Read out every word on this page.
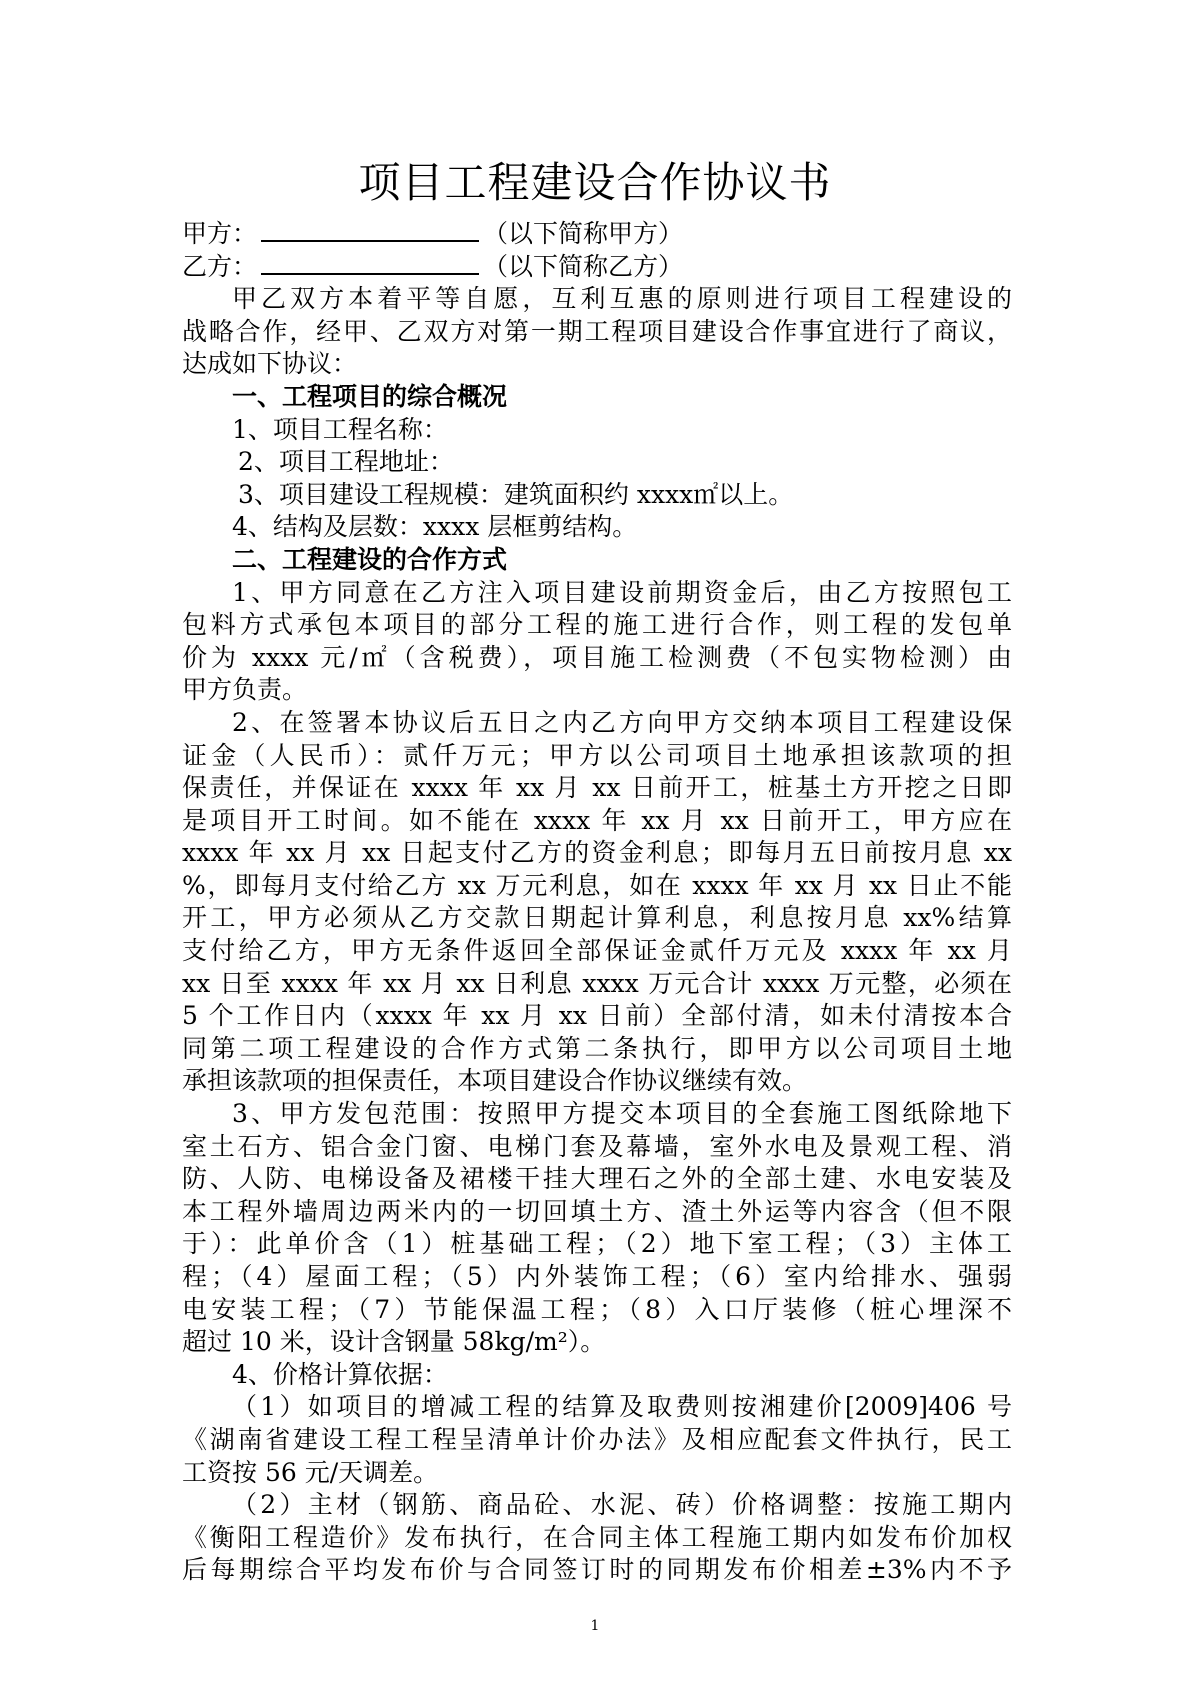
项目工程建设合作协议书
甲方：	（以下简称甲方）
乙方：	（以下简称乙方）
甲乙双方本着平等自愿，互利互惠的原则进行项目工程建设的
战略合作，经甲、乙双方对第一期工程项目建设合作事宜进行了商议，
达成如下协议：
一、工程项目的综合概况
1、项目工程名称：
2、项目工程地址：
3、项目建设工程规模：建筑面积约 xxxx㎡以上。
4、结构及层数：xxxx 层框剪结构。
二、工程建设的合作方式
1、甲方同意在乙方注入项目建设前期资金后，由乙方按照包工
包料方式承包本项目的部分工程的施工进行合作，则工程的发包单
价为 xxxx 元/㎡（含税费），项目施工检测费（不包实物检测）由
甲方负责。
2、在签署本协议后五日之内乙方向甲方交纳本项目工程建设保
证金（人民币）：贰仟万元；甲方以公司项目土地承担该款项的担
保责任，并保证在 xxxx 年 xx 月 xx 日前开工，桩基土方开挖之日即
是项目开工时间。如不能在 xxxx 年 xx 月 xx 日前开工，甲方应在
xxxx 年 xx 月 xx 日起支付乙方的资金利息；即每月五日前按月息 xx
%，即每月支付给乙方 xx 万元利息，如在 xxxx 年 xx 月 xx 日止不能
开工，甲方必须从乙方交款日期起计算利息，利息按月息 xx%结算
支付给乙方，甲方无条件返回全部保证金贰仟万元及 xxxx 年 xx 月
xx 日至 xxxx 年 xx 月 xx 日利息 xxxx 万元合计 xxxx 万元整，必须在
5 个工作日内（xxxx 年 xx 月 xx 日前）全部付清，如未付清按本合
同第二项工程建设的合作方式第二条执行，即甲方以公司项目土地
承担该款项的担保责任，本项目建设合作协议继续有效。
3、甲方发包范围：按照甲方提交本项目的全套施工图纸除地下
室土石方、铝合金门窗、电梯门套及幕墙，室外水电及景观工程、消
防、人防、电梯设备及裙楼干挂大理石之外的全部土建、水电安装及
本工程外墙周边两米内的一切回填土方、渣土外运等内容含（但不限
于）：此单价含（1）桩基础工程；（2）地下室工程；（3）主体工
程；（4）屋面工程；（5）内外装饰工程；（6）室内给排水、强弱
电安装工程；（7）节能保温工程；（8）入口厅装修（桩心埋深不
超过 10 米，设计含钢量 58kg/m²）。
4、价格计算依据：
（1）如项目的增减工程的结算及取费则按湘建价[2009]406 号
《湖南省建设工程工程呈清单计价办法》及相应配套文件执行，民工
工资按 56 元/天调差。
（2）主材（钢筋、商品砼、水泥、砖）价格调整：按施工期内
《衡阳工程造价》发布执行，在合同主体工程施工期内如发布价加权
后每期综合平均发布价与合同签订时的同期发布价相差±3%内不予
1
